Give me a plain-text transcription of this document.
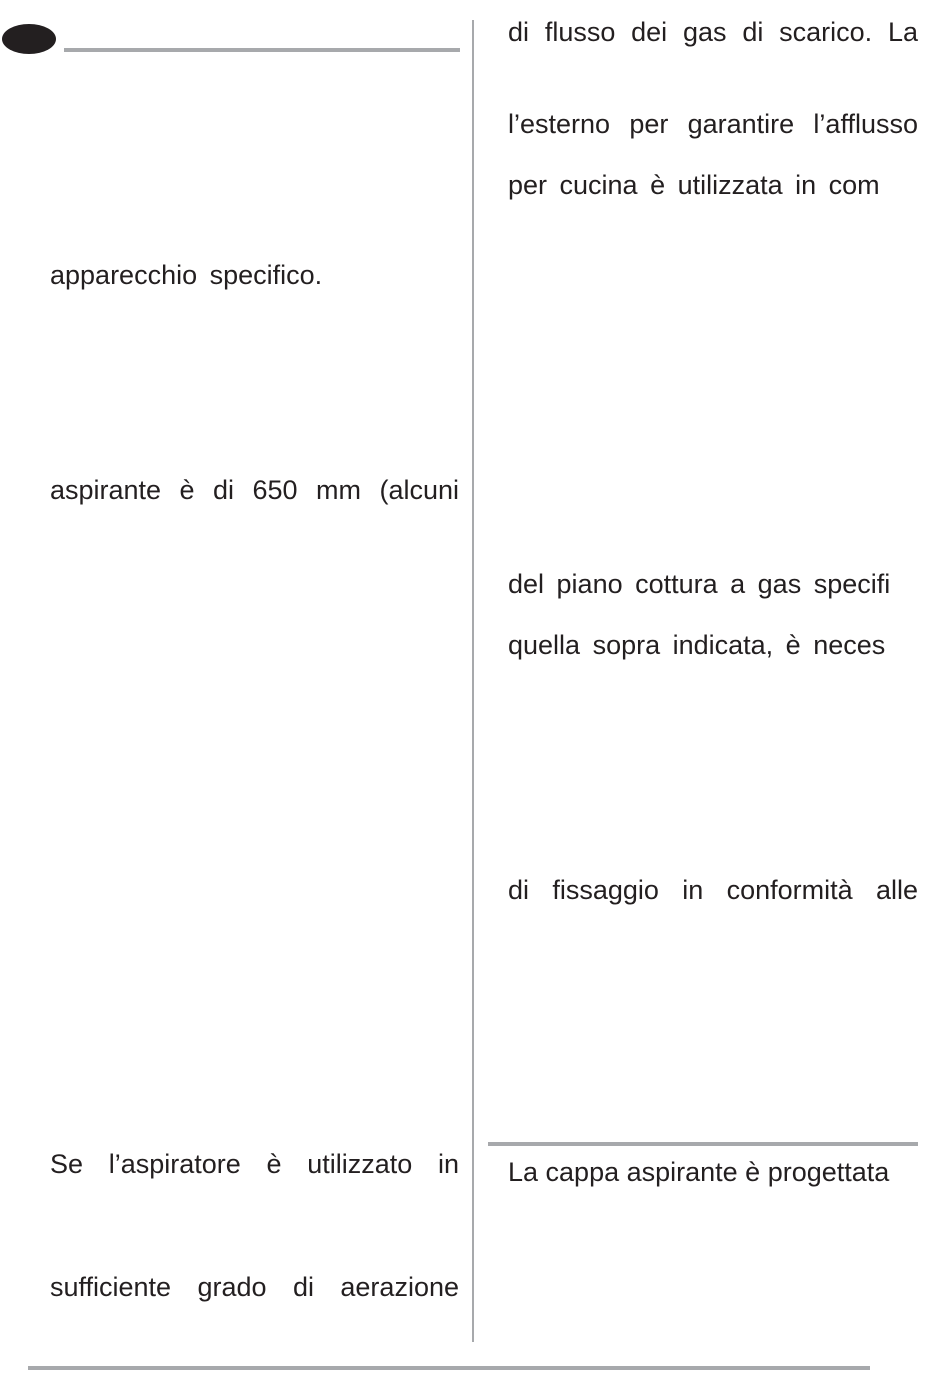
apparecchio specifico.
aspirante è di 650 mm (alcuni
Se l’aspiratore è utilizzato in
sufficiente grado di aerazione
di flusso dei gas di scarico. La
l’esterno per garantire l’afflusso
per cucina è utilizzata in com
del piano cottura a gas specifi
quella sopra indicata, è neces
di fissaggio in conformità alle
La cappa aspirante è progettata
